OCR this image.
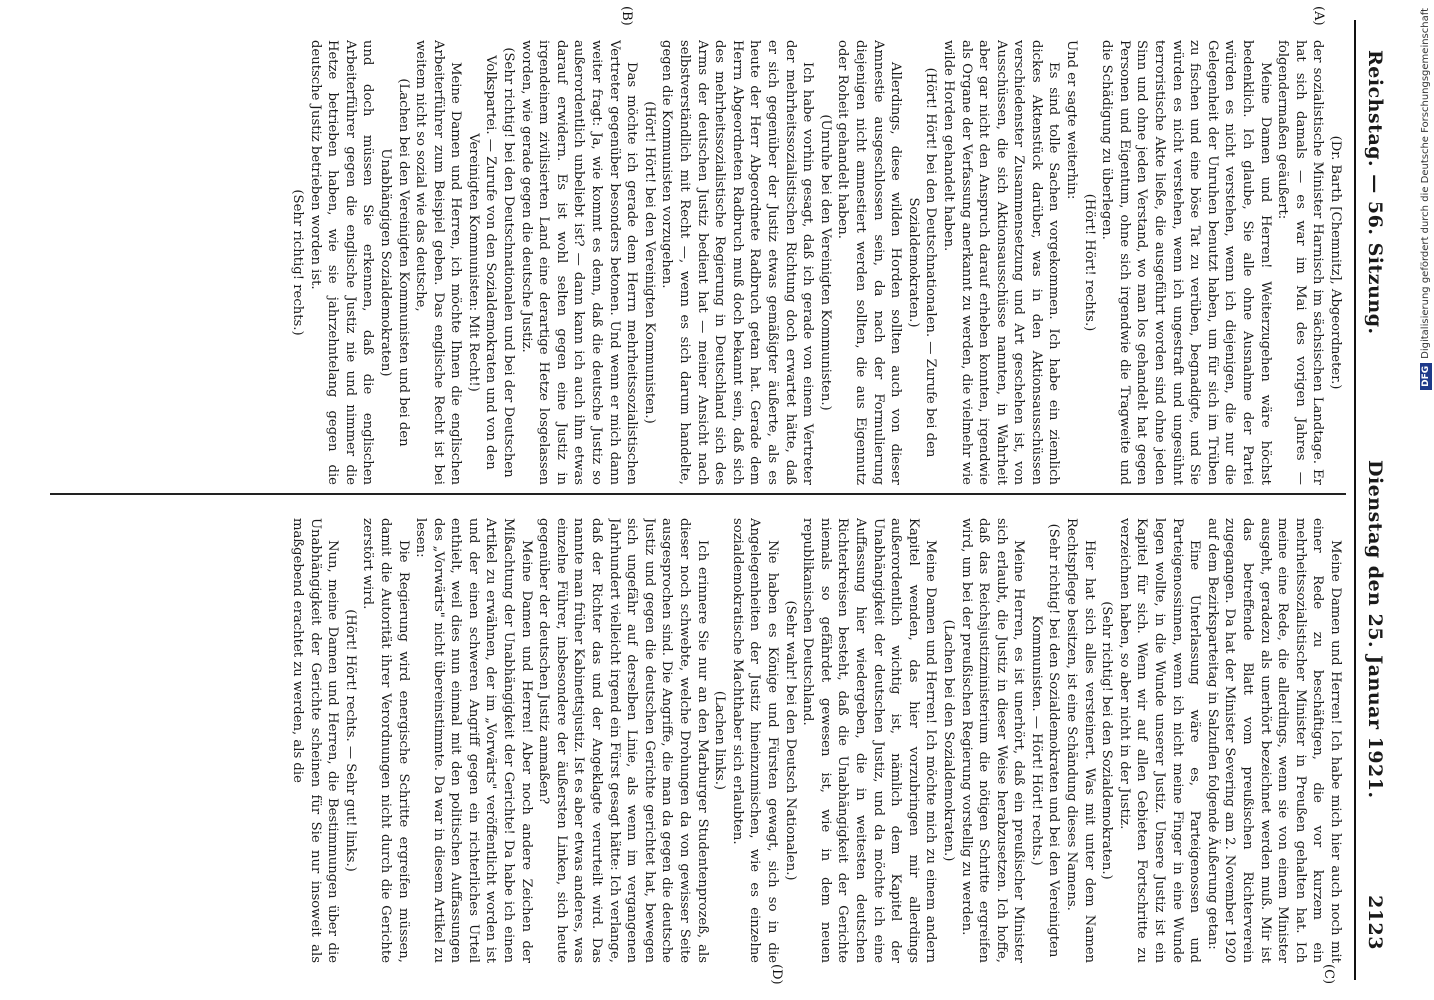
Reichstag. — 56. Sitzung.
Dienstag den 25. Januar 1921.
2123
(A)
(B)
(C)
(D)

(Dr. Barth [Chemnitz], Abgeordneter.)

der sozialistische Minister Harnisch im sächsischen Landtage. Er hat sich damals — es war im Mai des vorigen Jahres — folgendermaßen geäußert:

Meine Damen und Herren! Weiterzugehen wäre höchst bedenklich. Ich glaube, Sie alle ohne Ausnahme der Partei würden es nicht verstehen, wenn ich diejenigen, die nur die Gelegenheit der Unruhen benutzt haben, um für sich im Trüben zu fischen und eine böse Tat zu verüben, begnadigte, und Sie würden es nicht verstehen, wenn ich ungestraft und ungesühnt terroristische Akte ließe, die ausgeführt worden sind ohne jeden Sinn und ohne jeden Verstand, wo man los gehandelt hat gegen Personen und Eigentum, ohne sich irgendwie die Tragweite und die Schädigung zu überlegen.

(Hört! Hört! rechts.)

Und er sagte weiterhin:

Es sind tolle Sachen vorgekommen. Ich habe ein ziemlich dickes Aktenstück darüber, was in den Aktionsausschüssen verschiedenster Zusammensetzung und Art geschehen ist, von Ausschüssen, die sich Aktionsausschüsse nannten, in Wahrheit aber gar nicht den Anspruch darauf erheben konnten, irgendwie als Organe der Verfassung anerkannt zu werden, die vielmehr wie wilde Horden gehandelt haben.

(Hört! Hört! bei den Deutschnationalen. — Zurufe bei den Sozialdemokraten.)

Allerdings, diese wilden Horden sollten auch von dieser Amnestie ausgeschlossen sein, da nach der Formulierung diejenigen nicht amnestiert werden sollten, die aus Eigennutz oder Roheit gehandelt haben.

(Unruhe bei den Vereinigten Kommunisten.)

Ich habe vorhin gesagt, daß ich gerade von einem Vertreter der mehrheitssozialistischen Richtung doch erwartet hätte, daß er sich gegenüber der Justiz etwas gemäßigter äußerte, als es heute der Herr Abgeordnete Radbruch getan hat. Gerade dem Herrn Abgeordneten Radbruch muß doch bekannt sein, daß sich des mehrheitssozialistische Regierung in Deutschland sich des Arms der deutschen Justiz bedient hat — meiner Ansicht nach selbstverständlich mit Recht —, wenn es sich darum handelte, gegen die Kommunisten vorzugehen.

(Hört! Hört! bei den Vereinigten Kommunisten.)

Das möchte ich gerade dem Herrn mehrheitssozialistischen Vertreter gegenüber besonders betonen. Und wenn er mich dann weiter fragt: Ja, wie kommt es denn, daß die deutsche Justiz so außerordentlich unbeliebt ist? — dann kann ich auch ihm etwas darauf erwidern. Es ist wohl selten gegen eine Justiz in irgendeinem zivilisierten Land eine derartige Hetze losgelassen worden, wie gerade gegen die deutsche Justiz.

(Sehr richtig! bei den Deutschnationalen und bei der Deutschen Volkspartei. — Zurufe von den Sozialdemokraten und von den Vereinigten Kommunisten: Mit Recht!)

Meine Damen und Herren, ich möchte Ihnen die englischen Arbeiterführer zum Beispiel geben. Das englische Recht ist bei weitem nicht so sozial wie das deutsche,

(Lachen bei den Vereinigten Kommunisten und bei den Unabhängigen Sozialdemokraten)

und doch müssen Sie erkennen, daß die englischen Arbeiterführer gegen die englische Justiz nie und nimmer die Hetze betrieben haben, wie sie jahrzehntelang gegen die deutsche Justiz betrieben worden ist.

(Sehr richtig! rechts.)

Meine Damen und Herren! Ich habe mich hier auch noch mit einer Rede zu beschäftigen, die vor kurzem ein mehrheitssozialistischer Minister in Preußen gehalten hat. Ich meine eine Rede, die allerdings, wenn sie von einem Minister ausgeht, geradezu als unerhört bezeichnet werden muß. Mir ist das betreffende Blatt vom preußischen Richterverein zugegangen. Da hat der Minister Severing am 2. November 1920 auf dem Bezirksparteitag in Salzuflen folgende Äußerung getan:

Eine Unterlassung wäre es, Parteigenossen und Parteigenossinnen, wenn ich nicht meine Finger in eine Wunde legen wollte, in die Wunde unserer Justiz. Unsere Justiz ist ein Kapitel für sich. Wenn wir auf allen Gebieten Fortschritte zu verzeichnen haben, so aber nicht in der Justiz.

(Sehr richtig! bei den Sozialdemokraten.)

Hier hat sich alles versteinert. Was mit unter dem Namen Rechtspflege besitzen, ist eine Schändung dieses Namens.

(Sehr richtig! bei den Sozialdemokraten und bei den Vereinigten Kommunisten. — Hört! Hört! rechts.)

Meine Herren, es ist unerhört, daß ein preußischer Minister sich erlaubt, die Justiz in dieser Weise herabzusetzen. Ich hoffe, daß das Reichsjustizministerium die nötigen Schritte ergreifen wird, um bei der preußischen Regierung vorstellig zu werden.

(Lachen bei den Sozialdemokraten.)

Meine Damen und Herren! Ich möchte mich zu einem andern Kapitel wenden, das hier vorzubringen mir allerdings außerordentlich wichtig ist, nämlich dem Kapitel der Unabhängigkeit der deutschen Justiz, und da möchte ich eine Auffassung hier wiedergeben, die in weitesten deutschen Richterkreisen besteht, daß die Unabhängigkeit der Gerichte niemals so gefährdet gewesen ist, wie in dem neuen republikanischen Deutschland.

(Sehr wahr! bei den Deutsch Nationalen.)

Nie haben es Könige und Fürsten gewagt, sich so in die Angelegenheiten der Justiz hineinzumischen, wie es einzelne sozialdemokratische Machthaber sich erlaubten.

(Lachen links.)

Ich erinnere Sie nur an den Marburger Studentenprozeß, als dieser noch schwebte, welche Drohungen da von gewisser Seite ausgesprochen sind. Die Angriffe, die man da gegen die deutsche Justiz und gegen die deutschen Gerichte gerichtet hat, bewegen sich ungefähr auf derselben Linie, als wenn im vergangenen Jahrhundert vielleicht irgend ein Fürst gesagt hätte: Ich verlange, daß der Richter das und der Angeklagte verurteilt wird. Das nannte man früher Kabinettsjustiz. Ist es aber etwas anderes, was einzelne Führer, insbesondere der äußersten Linken, sich heute gegenüber der deutschen Justiz anmaßen?

Meine Damen und Herren! Aber noch andere Zeichen der Mißachtung der Unabhängigkeit der Gerichte! Da habe ich einen Artikel zu erwähnen, der im „Vorwärts" veröffentlicht worden ist und der einen schweren Angriff gegen ein richterliches Urteil enthielt, weil dies nun einmal mit den politischen Auffassungen des „Vorwärts" nicht übereinstimmte. Da war in diesem Artikel zu lesen:

Die Regierung wird energische Schritte ergreifen müssen, damit die Autorität ihrer Verordnungen nicht durch die Gerichte zerstört wird.

(Hört! Hört! rechts. — Sehr gut! links.)

Nun, meine Damen und Herren, die Bestimmungen über die Unabhängigkeit der Gerichte scheinen für Sie nur insoweit als maßgebend erachtet zu werden, als die

DFGDigitalisierung gefördert durch die Deutsche Forschungsgemeinschaft
